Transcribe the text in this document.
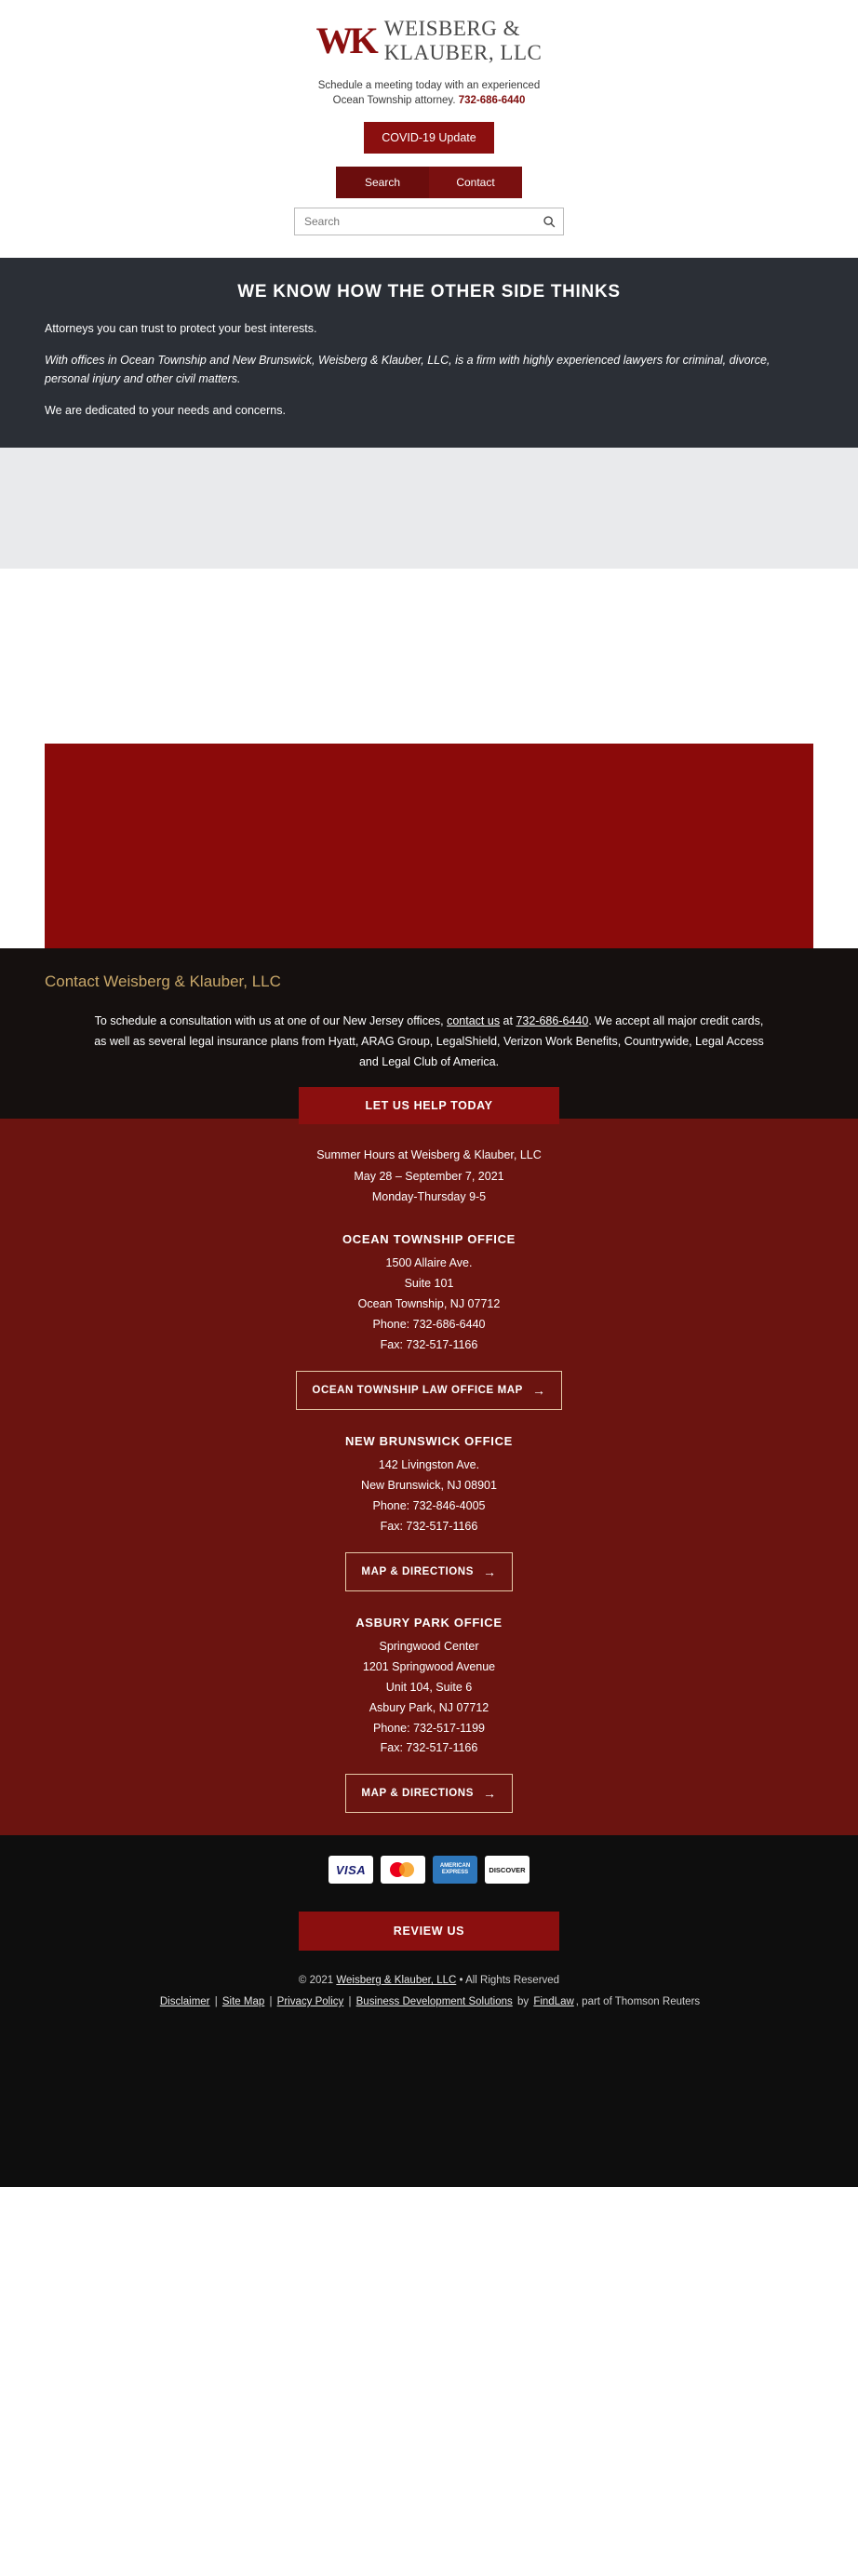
WK WEISBERG &
KLAUBER, LLC
Schedule a meeting today with an experienced
Ocean Township attorney. 732-686-6440
COVID-19 Update
Search	Contact
Search
WE KNOW HOW THE OTHER SIDE THINKS

Attorneys you can trust to protect your best interests.

With offices in Ocean Township and New Brunswick, Weisberg & Klauber, LLC, is a firm with highly experienced lawyers for criminal, divorce, personal injury and other civil matters.

We are dedicated to your needs and concerns.

Contact Weisberg & Klauber, LLC

To schedule a consultation with us at one of our New Jersey offices, contact us at 732-686-6440. We accept all major credit cards, as well as several legal insurance plans from Hyatt, ARAG Group, LegalShield, Verizon Work Benefits, Countrywide, Legal Access and Legal Club of America.

LET US HELP TODAY
Summer Hours at Weisberg & Klauber, LLC
May 28 – September 7, 2021
Monday-Thursday 9-5
OCEAN TOWNSHIP OFFICE
1500 Allaire Ave.
Suite 101
Ocean Township, NJ 07712
Phone: 732-686-6440
Fax: 732-517-1166
OCEAN TOWNSHIP LAW OFFICE MAP →
NEW BRUNSWICK OFFICE
142 Livingston Ave.
New Brunswick, NJ 08901
Phone: 732-846-4005
Fax: 732-517-1166
MAP & DIRECTIONS →
ASBURY PARK OFFICE
Springwood Center
1201 Springwood Avenue
Unit 104, Suite 6
Asbury Park, NJ 07712
Phone: 732-517-1199
Fax: 732-517-1166
MAP & DIRECTIONS →
VISA	AMERICAN EXPRESS	DISCOVER
REVIEW US
© 2021 Weisberg & Klauber, LLC • All Rights Reserved
Disclaimer | Site Map | Privacy Policy | Business Development Solutions by FindLaw , part of Thomson Reuters
